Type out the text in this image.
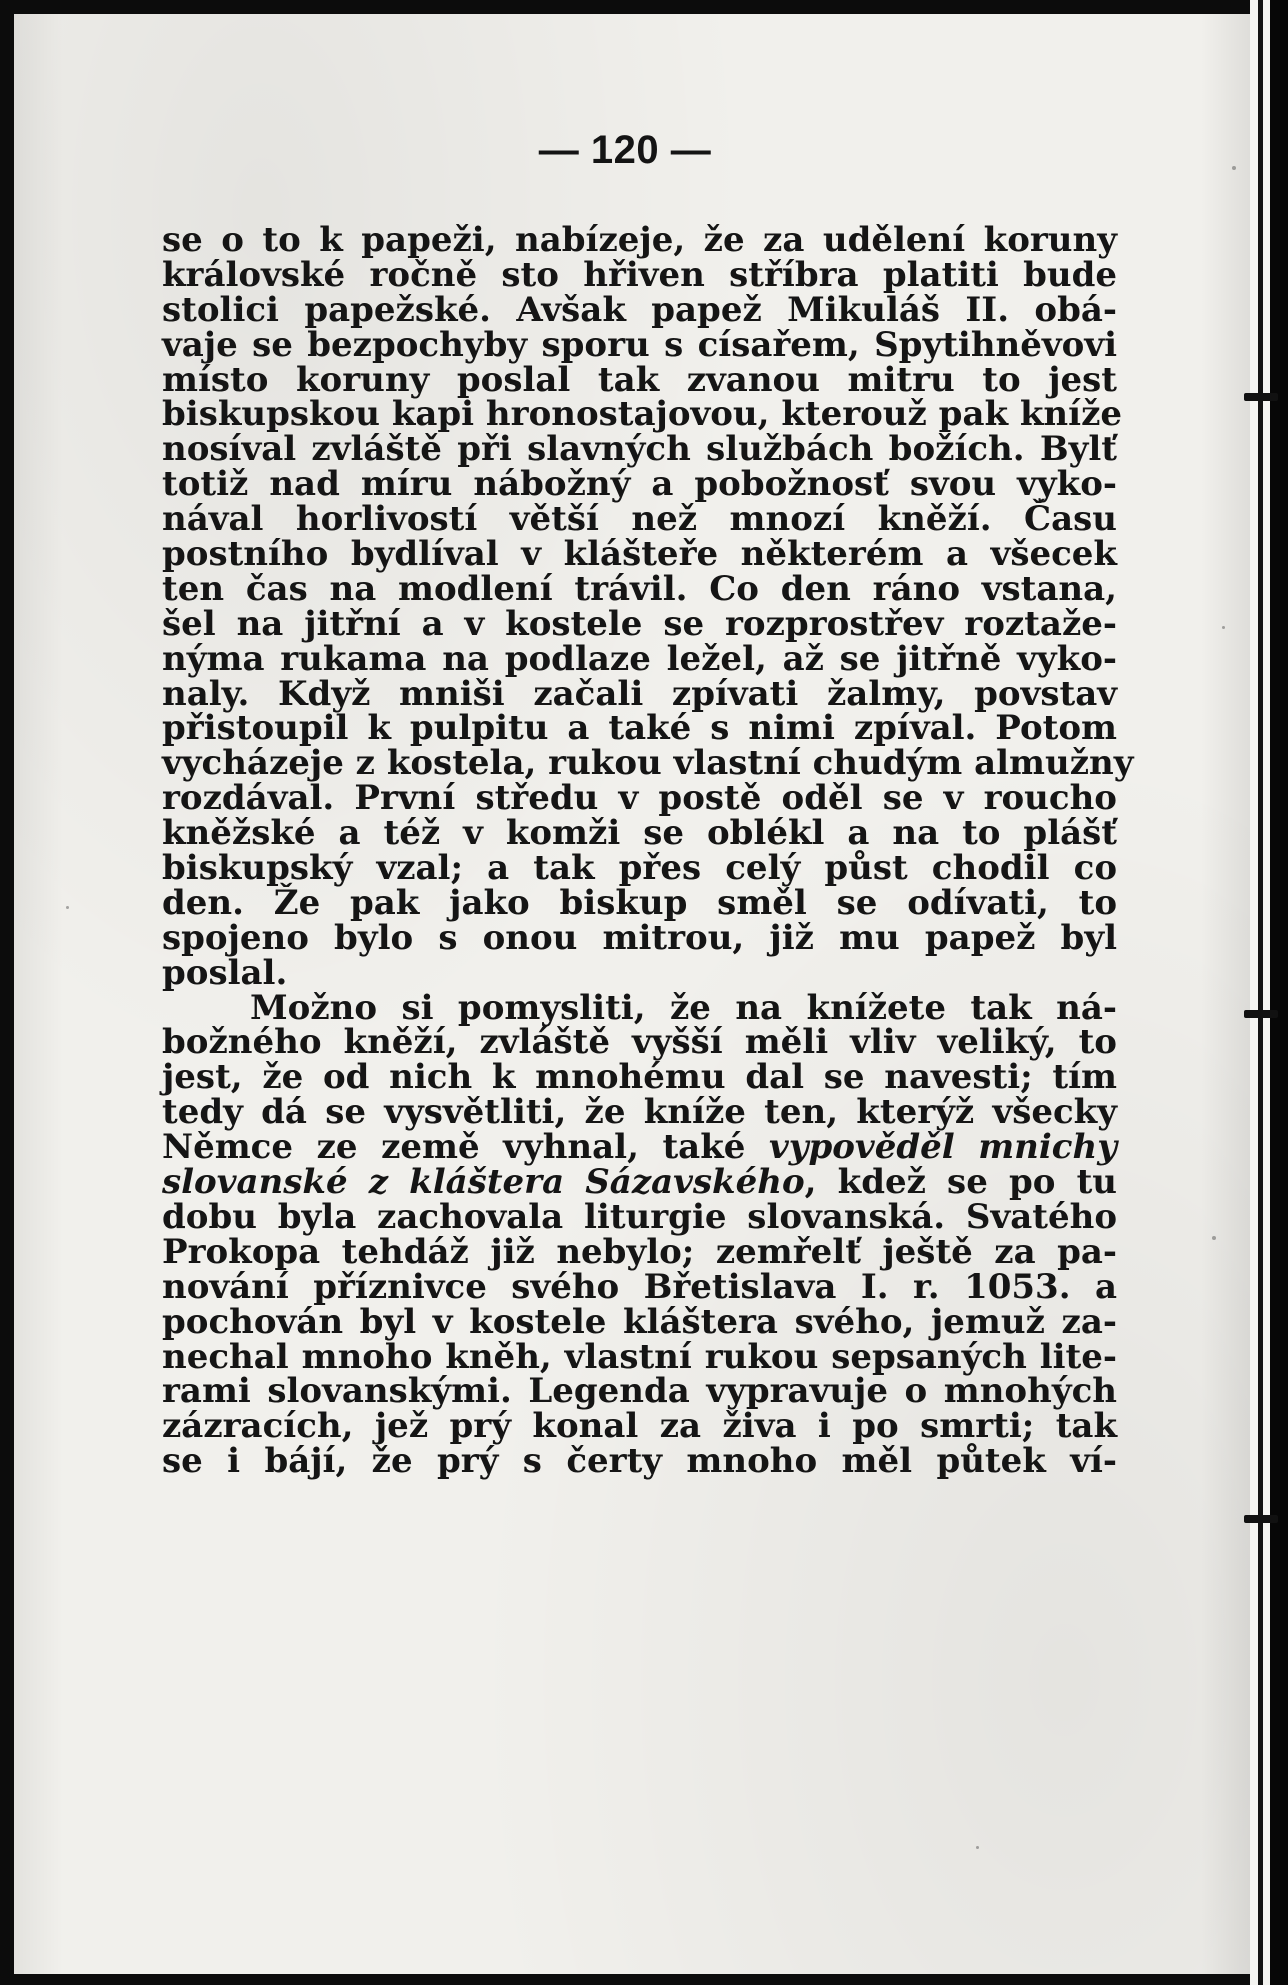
— 120 —
se o to k papeži, nabízeje, že za udělení koruny
královské ročně sto hřiven stříbra platiti bude
stolici papežské. Avšak papež Mikuláš II. obá-
vaje se bezpochyby sporu s císařem, Spytihněvovi
místo koruny poslal tak zvanou mitru to jest
biskupskou kapi hronostajovou, kterouž pak kníže
nosíval zvláště při slavných službách božích. Bylť
totiž nad míru nábožný a pobožnosť svou vyko-
nával horlivostí větší než mnozí kněží. Času
postního bydlíval v klášteře některém a všecek
ten čas na modlení trávil. Co den ráno vstana,
šel na jitřní a v kostele se rozprostřev roztaže-
nýma rukama na podlaze ležel, až se jitřně vyko-
naly. Když mniši začali zpívati žalmy, povstav
přistoupil k pulpitu a také s nimi zpíval. Potom
vycházeje z kostela, rukou vlastní chudým almužny
rozdával. První středu v postě oděl se v roucho
kněžské a též v komži se oblékl a na to plášť
biskupský vzal; a tak přes celý půst chodil co
den. Že pak jako biskup směl se odívati, to
spojeno bylo s onou mitrou, již mu papež byl
poslal.
Možno si pomysliti, že na knížete tak ná-
božného kněží, zvláště vyšší měli vliv veliký, to
jest, že od nich k mnohému dal se navesti; tím
tedy dá se vysvětliti, že kníže ten, kterýž všecky
Němce ze země vyhnal, také vypověděl mnichy
slovanské z kláštera Sázavského, kdež se po tu
dobu byla zachovala liturgie slovanská. Svatého
Prokopa tehdáž již nebylo; zemřelť ještě za pa-
nování příznivce svého Břetislava I. r. 1053. a
pochován byl v kostele kláštera svého, jemuž za-
nechal mnoho kněh, vlastní rukou sepsaných lite-
rami slovanskými. Legenda vypravuje o mnohých
zázracích, jež prý konal za živa i po smrti; tak
se i bájí, že prý s čerty mnoho měl půtek ví-
